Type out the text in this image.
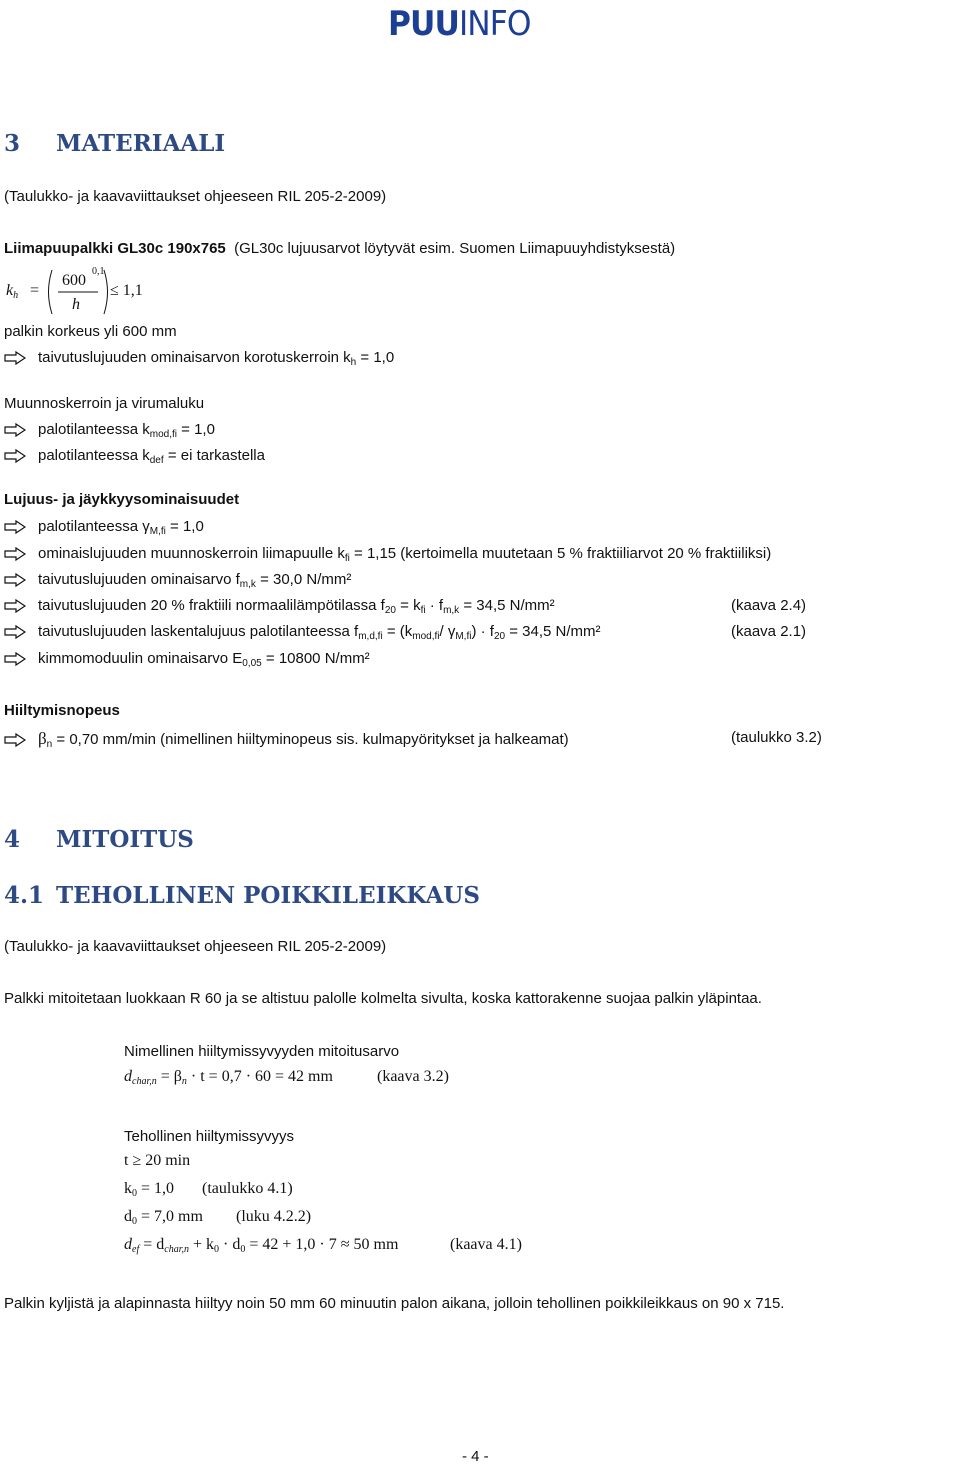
PUUINFO
3 MATERIAALI
(Taulukko- ja kaavaviittaukset ohjeeseen RIL 205-2-2009)
Liimapuupalkki GL30c 190x765 (GL30c lujuusarvot löytyvät esim. Suomen Liimapuuyhdistyksestä)
$k_h$ =
600
h
0,1
≤ 1,1
palkin korkeus yli 600 mm
taivutuslujuuden ominaisarvon korotuskerroin $k_h = 1,0$
Muunnoskerroin ja virumaluku
palotilanteessa $k_{mod,fi} = 1,0$
palotilanteessa $k_{def}$ = ei tarkastella
Lujuus- ja jäykkyysominaisuudet
palotilanteessa $\gamma_{M,fi} = 1,0$
ominaislujuuden muunnoskerroin liimapuulle $k_{fi} = 1,15$ (kertoimella muutetaan 5 % fraktiiliarvot 20 % fraktiiliksi)
taivutuslujuuden ominaisarvo $f_{m,k} = 30,0$ N/mm²
taivutuslujuuden 20 % fraktiili normaalilämpötilassa $f_{20} = k_{fi} \cdot f_{m,k} = 34,5$ N/mm²	(kaava 2.4)
taivutuslujuuden laskentalujuus palotilanteessa $f_{m,d,fi} = (k_{mod,fi}/$ $\gamma_{M,fi}) \cdot f_{20} = 34,5$ N/mm²	(kaava 2.1)
kimmomoduulin ominaisarvo $E_{0,05} = 10800$ N/mm²
Hiiltymisnopeus
$\beta_n = 0,70$ mm/min (nimellinen hiiltyminopeus sis. kulmapyöritykset ja halkeamat)	(taulukko 3.2)
4 MITOITUS
4.1 TEHOLLINEN POIKKILEIKKAUS
(Taulukko- ja kaavaviittaukset ohjeeseen RIL 205-2-2009)
Palkki mitoitetaan luokkaan R 60 ja se altistuu palolle kolmelta sivulta, koska kattorakenne suojaa palkin yläpintaa.
Nimellinen hiiltymissyvyyden mitoitusarvo
$d_{char,n} = \beta_n \cdot t = 0,7 \cdot 60 = 42$ mm	(kaava 3.2)
Tehollinen hiiltymissyvyys
t ≥ 20 min
$k_0 = 1,0$ (taulukko 4.1)
$d_0 = 7,0$ mm (luku 4.2.2)
$d_{ef} = d_{char,n} + k_0 \cdot d_0 = 42 + 1,0 \cdot 7 \approx 50$ mm	(kaava 4.1)
Palkin kyljistä ja alapinnasta hiiltyy noin 50 mm 60 minuutin palon aikana, jolloin tehollinen poikkileikkaus on 90 x 715.
- 4 -
